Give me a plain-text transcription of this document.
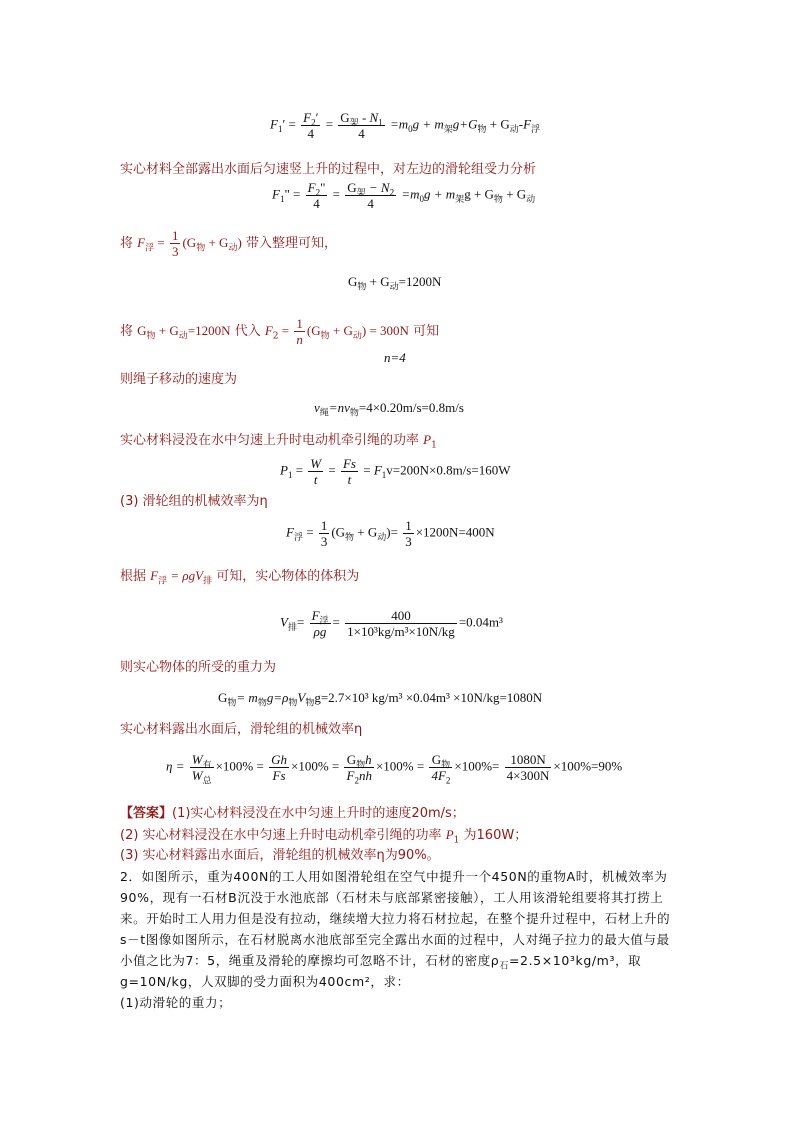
$F_1' = \frac{F_2'}{4} = G_架 - N_1$
4
$=m_0g + m_架g+G_物 + G_动-F_浮$
实心材料全部露出水面后匀速竖上升的过程中，对左边的滑轮组受力分析
$F_1$" = $\frac{F_2"}{4} = G_架 - N_2$
4
$=m_0g + m_架g + G_物 + G_动$
将 $F_浮 = \frac{1}{3} (G_物 + G_动)$ 带入整理可知，
$G_物 + G_动=1200N$
将 $G_物 + G_动=1200N$ 代入 $F_2 = \frac{1}{n} (G_物 + G_动) = 300N$ 可知
n=4
则绳子移动的速度为
$v_绳=nv_物=4\times 0.20m/s=0.8m/s$
实心材料浸没在水中匀速上升时电动机牵引绳的功率 $P_1$
$P_1 = \frac{W}{t} = \frac{Fs}{t} = F_1v=200N\times 0.8m/s=160W$
(3) 滑轮组的机械效率为η
$F_浮 = \frac{1}{3} (G_物 + G_动)= \frac{1}{3} \times 1200N=400N$
根据 $F_浮 = \rho gV_排$ 可知，实心物体的体积为
$V_排= F_浮$
ρg
= $\frac{400}{\text{1×10³kg/m³×10N/kg}} =0.04m^3$
则实心物体的所受的重力为
$G_物= m_物g=\rho_物V_物g=2.7\times 10^3$ kg/m³ ×0.04m³ ×10N/kg=1080N
实心材料露出水面后，滑轮组的机械效率η
$\eta = W_有$
$W_总$
$\times 100\% = \frac{Gh}{Fs} \times 100\% = G_物h$
$F_2nh$
$\times 100\% = G_物$
$4F_2$
$\times 100\%= \frac{1080N}{4\times 300N} \times 100\%=90\%$
【答案】(1)实心材料浸没在水中匀速上升时的速度20m/s；
(2) 实心材料浸没在水中匀速上升时电动机牵引绳的功率 $P_1$ 为160W；
(3) 实心材料露出水面后，滑轮组的机械效率η为90%。
2．如图所示，重为400N的工人用如图滑轮组在空气中提升一个450N的重物A时，机械效率为90%，现有一石材B沉没于水池底部（石材未与底部紧密接触），工人用该滑轮组要将其打捞上来。开始时工人用力但是没有拉动，继续增大拉力将石材拉起，在整个提升过程中，石材上升的s－t图像如图所示，在石材脱离水池底部至完全露出水面的过程中，人对绳子拉力的最大值与最小值之比为7：5，绳重及滑轮的摩擦均可忽略不计，石材的密度$\rho_石=2.5\times 10^3kg/m^3$，取 g=10N/kg，人双脚的受力面积为400cm²，求：
(1)动滑轮的重力；
